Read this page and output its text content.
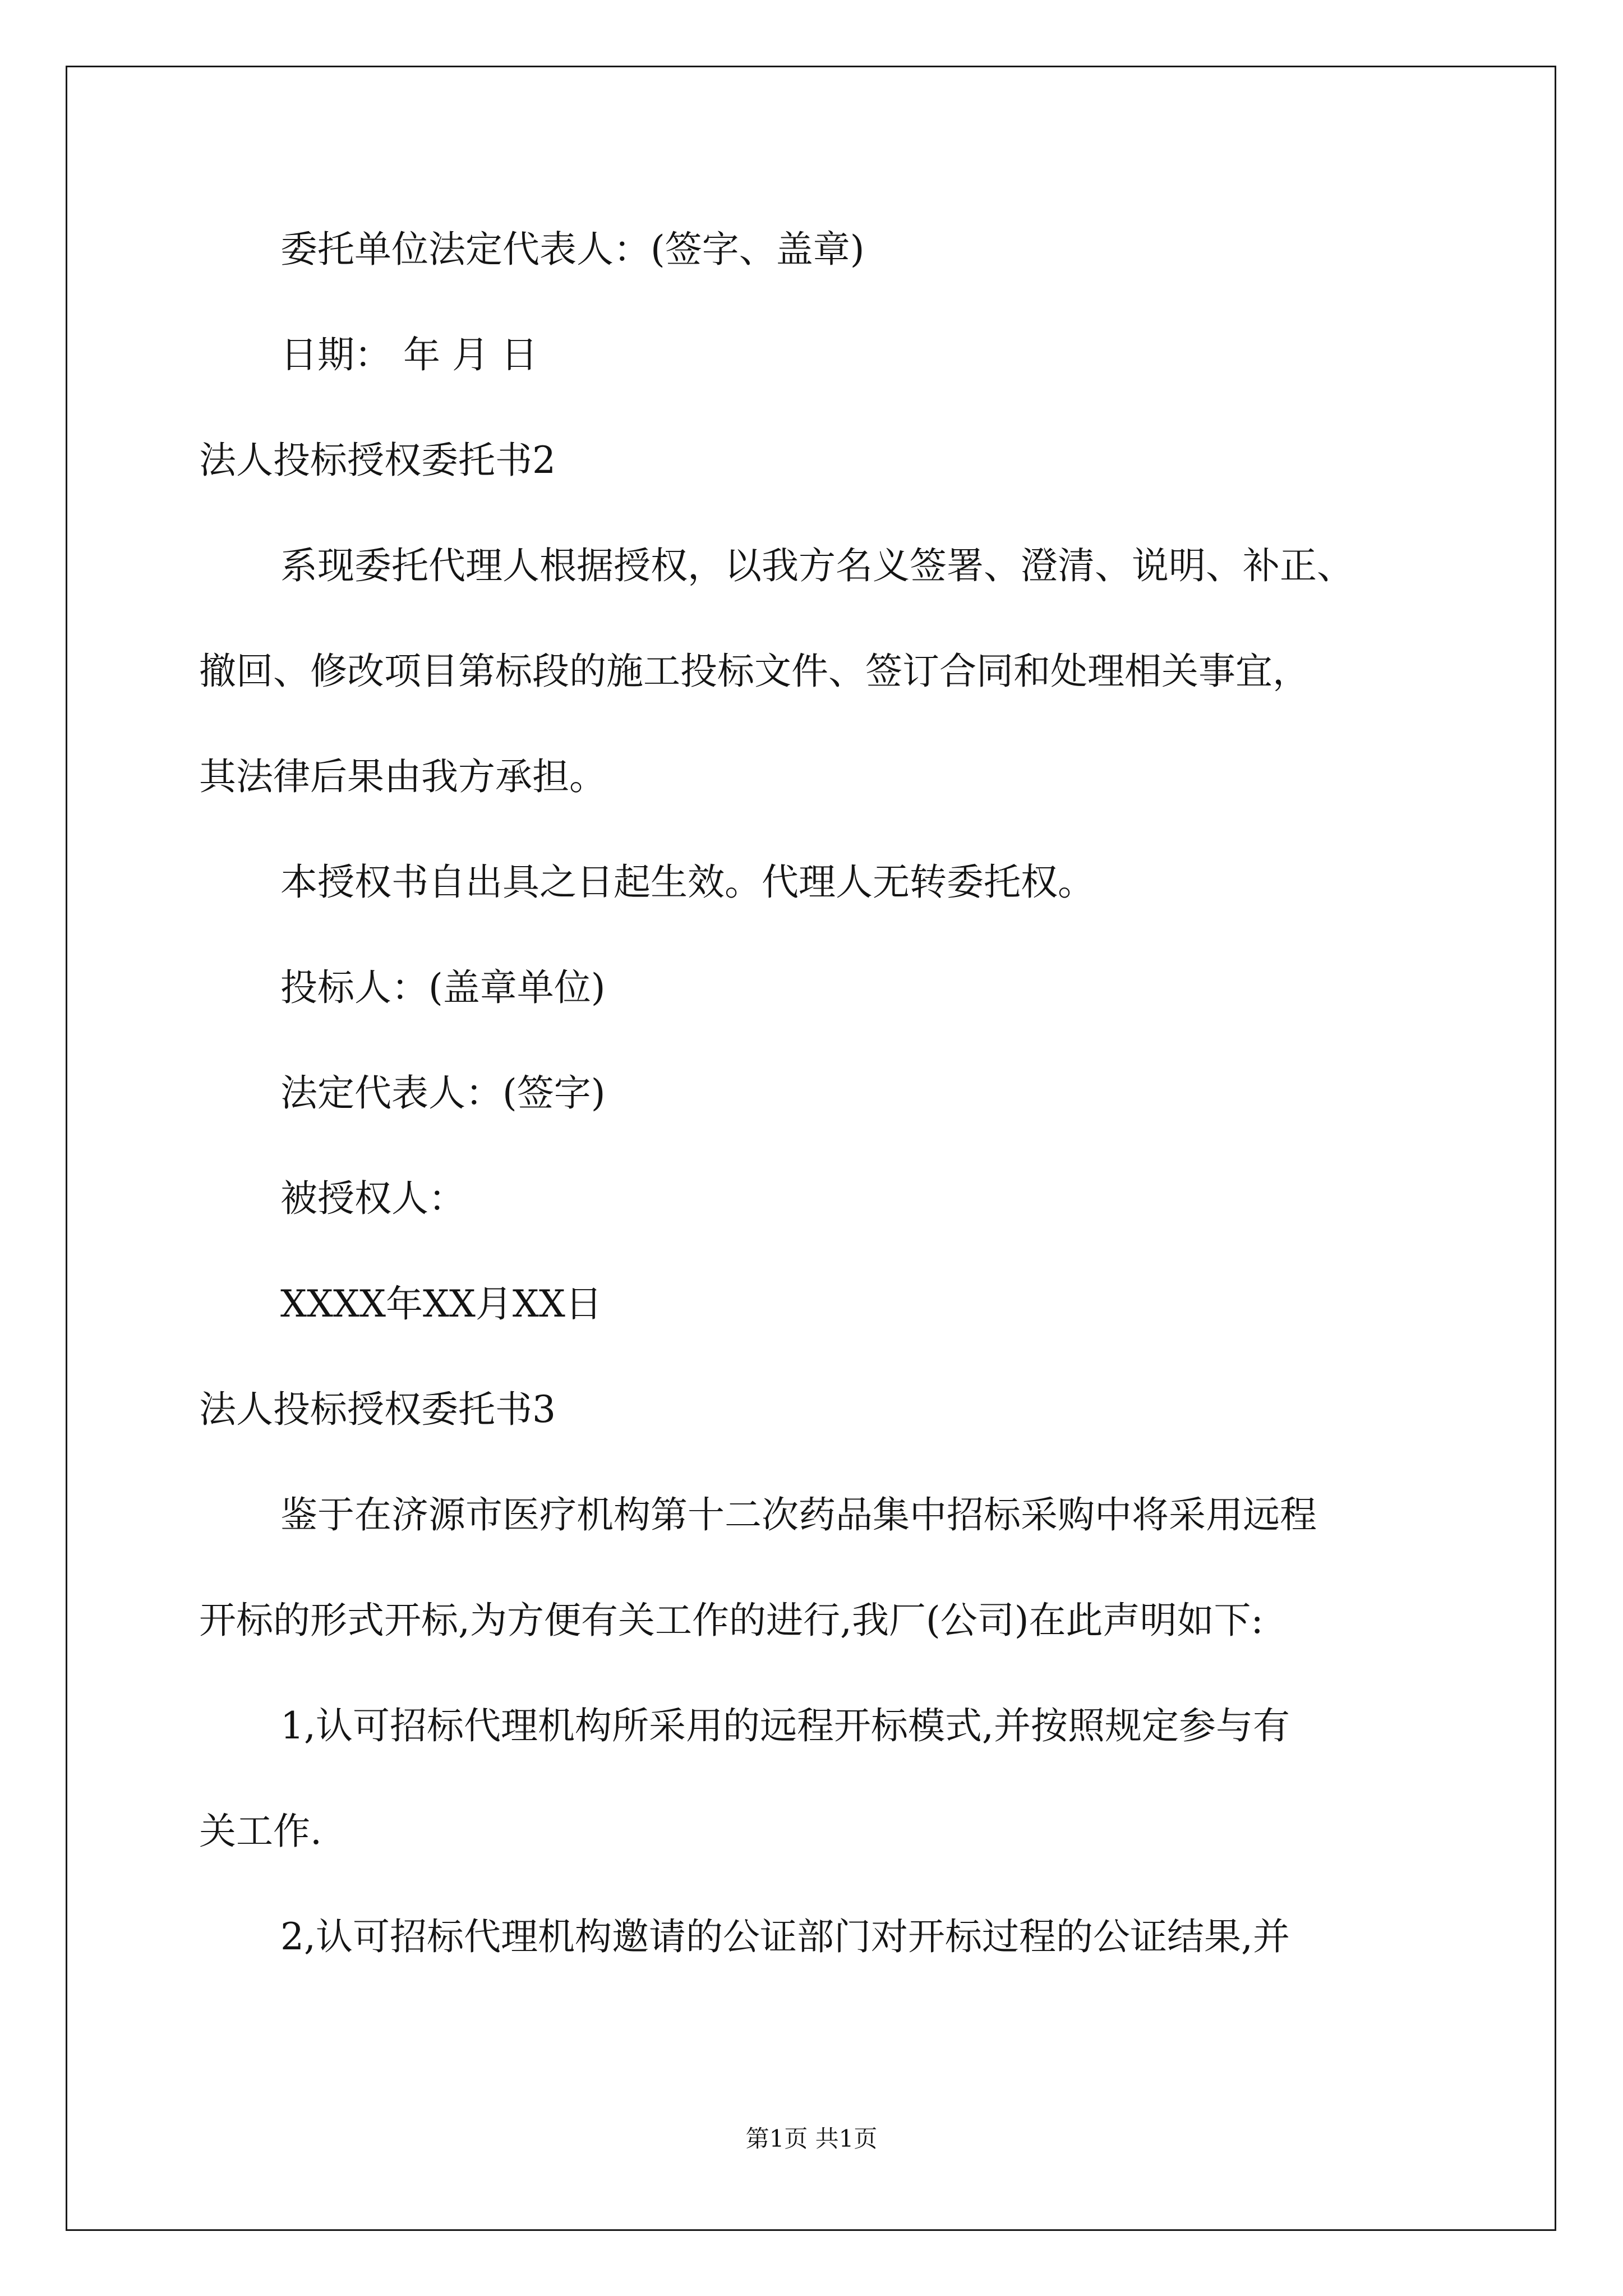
委托单位法定代表人：(签字、盖章)
日期： 年 月 日
法人投标授权委托书2
系现委托代理人根据授权，以我方名义签署、澄清、说明、补正、
撤回、修改项目第标段的施工投标文件、签订合同和处理相关事宜，
其法律后果由我方承担。
本授权书自出具之日起生效。代理人无转委托权。
投标人：(盖章单位)
法定代表人：(签字)
被授权人：
XXXX年XX月XX日
法人投标授权委托书3
鉴于在济源市医疗机构第十二次药品集中招标采购中将采用远程
开标的形式开标,为方便有关工作的进行,我厂(公司)在此声明如下:
1,认可招标代理机构所采用的远程开标模式,并按照规定参与有
关工作.
2,认可招标代理机构邀请的公证部门对开标过程的公证结果,并
第1页 共1页
